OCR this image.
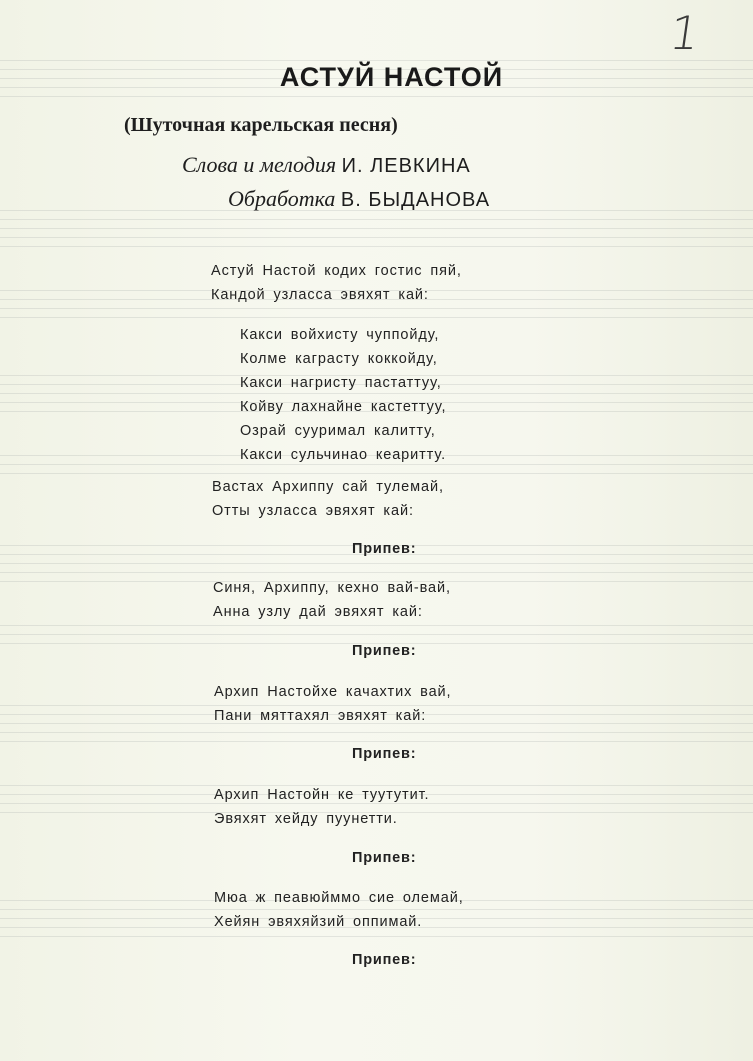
1
АСТУЙ НАСТОЙ
(Шуточная карельская песня)
Слова и мелодия И. ЛЕВКИНА
Обработка В. БЫДАНОВА
Астуй Настой кодих гостис пяй,
Кандой узласса эвяхят кай:
Какси войхисту чуппойду,
Колме каграсту коккойду,
Какси нагристу пастаттуу,
Койву лахнайне кастеттуу,
Озрай сууримал калитту,
Какси сульчинао кеаритту.
Вастах Архиппу сай тулемай,
Отты узласса эвяхят кай:
Припев:
Синя, Архиппу, кехно вай-вай,
Анна узлу дай эвяхят кай:
Припев:
Архип Настойхе качахтих вай,
Пани мяттахял эвяхят кай:
Припев:
Архип Настойн ке туутутит.
Эвяхят хейду пуунетти.
Припев:
Мюа ж пеавюйммо сие олемай,
Хейян эвяхяйзий оппимай.
Припев:
